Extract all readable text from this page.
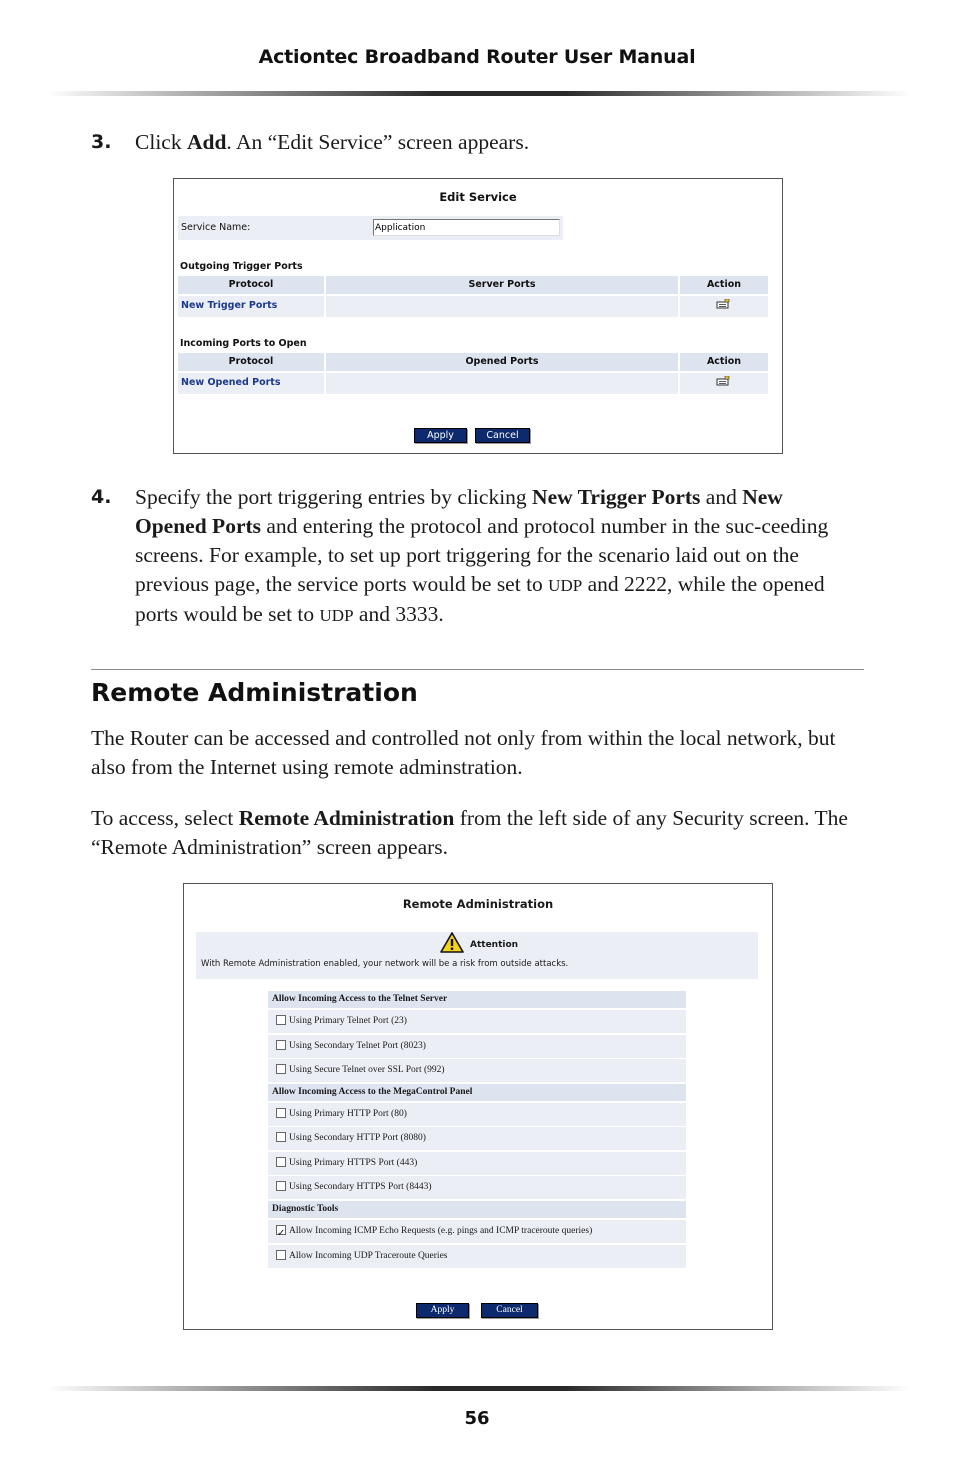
Actiontec Broadband Router User Manual
3. Click Add. An “Edit Service” screen appears.
Edit Service
Service Name:
Application
Outgoing Trigger Ports
Protocol	Server Ports	Action
New Trigger Ports
Incoming Ports to Open
Protocol	Opened Ports	Action
New Opened Ports
Apply	Cancel
4. Specify the port triggering entries by clicking New Trigger Ports and New Opened Ports and entering the protocol and protocol number in the suc-ceeding screens. For example, to set up port triggering for the scenario laid out on the previous page, the service ports would be set to UDP and 2222, while the opened ports would be set to UDP and 3333.
Remote Administration
The Router can be accessed and controlled not only from within the local network, but also from the Internet using remote adminstration.
To access, select Remote Administration from the left side of any Security screen. The “Remote Administration” screen appears.
Remote Administration
Attention
With Remote Administration enabled, your network will be a risk from outside attacks.
Allow Incoming Access to the Telnet Server
Using Primary Telnet Port (23)
Using Secondary Telnet Port (8023)
Using Secure Telnet over SSL Port (992)
Allow Incoming Access to the MegaControl Panel
Using Primary HTTP Port (80)
Using Secondary HTTP Port (8080)
Using Primary HTTPS Port (443)
Using Secondary HTTPS Port (8443)
Diagnostic Tools
✓
Allow Incoming ICMP Echo Requests (e.g. pings and ICMP traceroute queries)
Allow Incoming UDP Traceroute Queries
Apply	Cancel
56
